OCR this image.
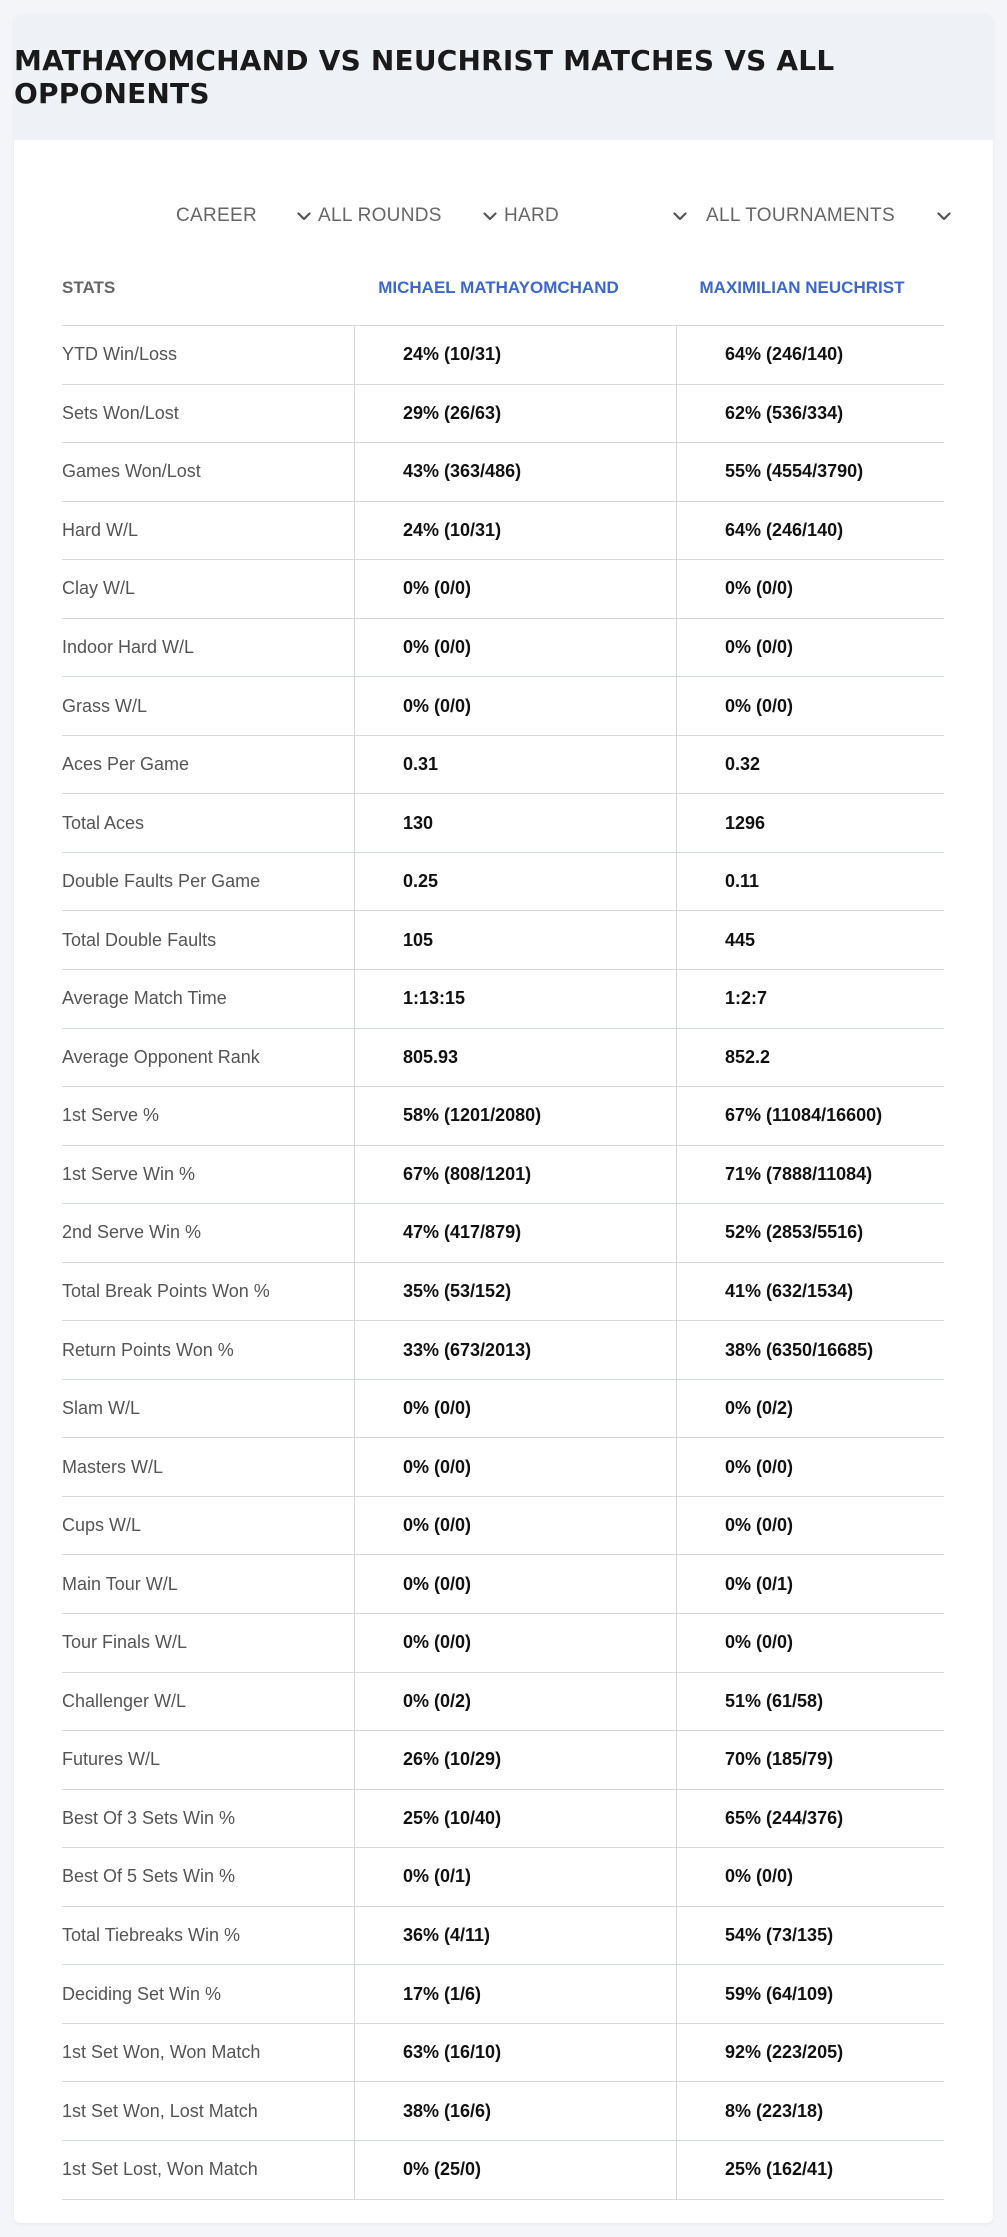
MATHAYOMCHAND VS NEUCHRIST MATCHES VS ALL OPPONENTS
CAREER	ALL ROUNDS	HARD	ALL TOURNAMENTS
STATS	MICHAEL MATHAYOMCHAND	MAXIMILIAN NEUCHRIST
YTD Win/Loss	24% (10/31)	64% (246/140)
Sets Won/Lost	29% (26/63)	62% (536/334)
Games Won/Lost	43% (363/486)	55% (4554/3790)
Hard W/L	24% (10/31)	64% (246/140)
Clay W/L	0% (0/0)	0% (0/0)
Indoor Hard W/L	0% (0/0)	0% (0/0)
Grass W/L	0% (0/0)	0% (0/0)
Aces Per Game	0.31	0.32
Total Aces	130	1296
Double Faults Per Game	0.25	0.11
Total Double Faults	105	445
Average Match Time	1:13:15	1:2:7
Average Opponent Rank	805.93	852.2
1st Serve %	58% (1201/2080)	67% (11084/16600)
1st Serve Win %	67% (808/1201)	71% (7888/11084)
2nd Serve Win %	47% (417/879)	52% (2853/5516)
Total Break Points Won %	35% (53/152)	41% (632/1534)
Return Points Won %	33% (673/2013)	38% (6350/16685)
Slam W/L	0% (0/0)	0% (0/2)
Masters W/L	0% (0/0)	0% (0/0)
Cups W/L	0% (0/0)	0% (0/0)
Main Tour W/L	0% (0/0)	0% (0/1)
Tour Finals W/L	0% (0/0)	0% (0/0)
Challenger W/L	0% (0/2)	51% (61/58)
Futures W/L	26% (10/29)	70% (185/79)
Best Of 3 Sets Win %	25% (10/40)	65% (244/376)
Best Of 5 Sets Win %	0% (0/1)	0% (0/0)
Total Tiebreaks Win %	36% (4/11)	54% (73/135)
Deciding Set Win %	17% (1/6)	59% (64/109)
1st Set Won, Won Match	63% (16/10)	92% (223/205)
1st Set Won, Lost Match	38% (16/6)	8% (223/18)
1st Set Lost, Won Match	0% (25/0)	25% (162/41)
